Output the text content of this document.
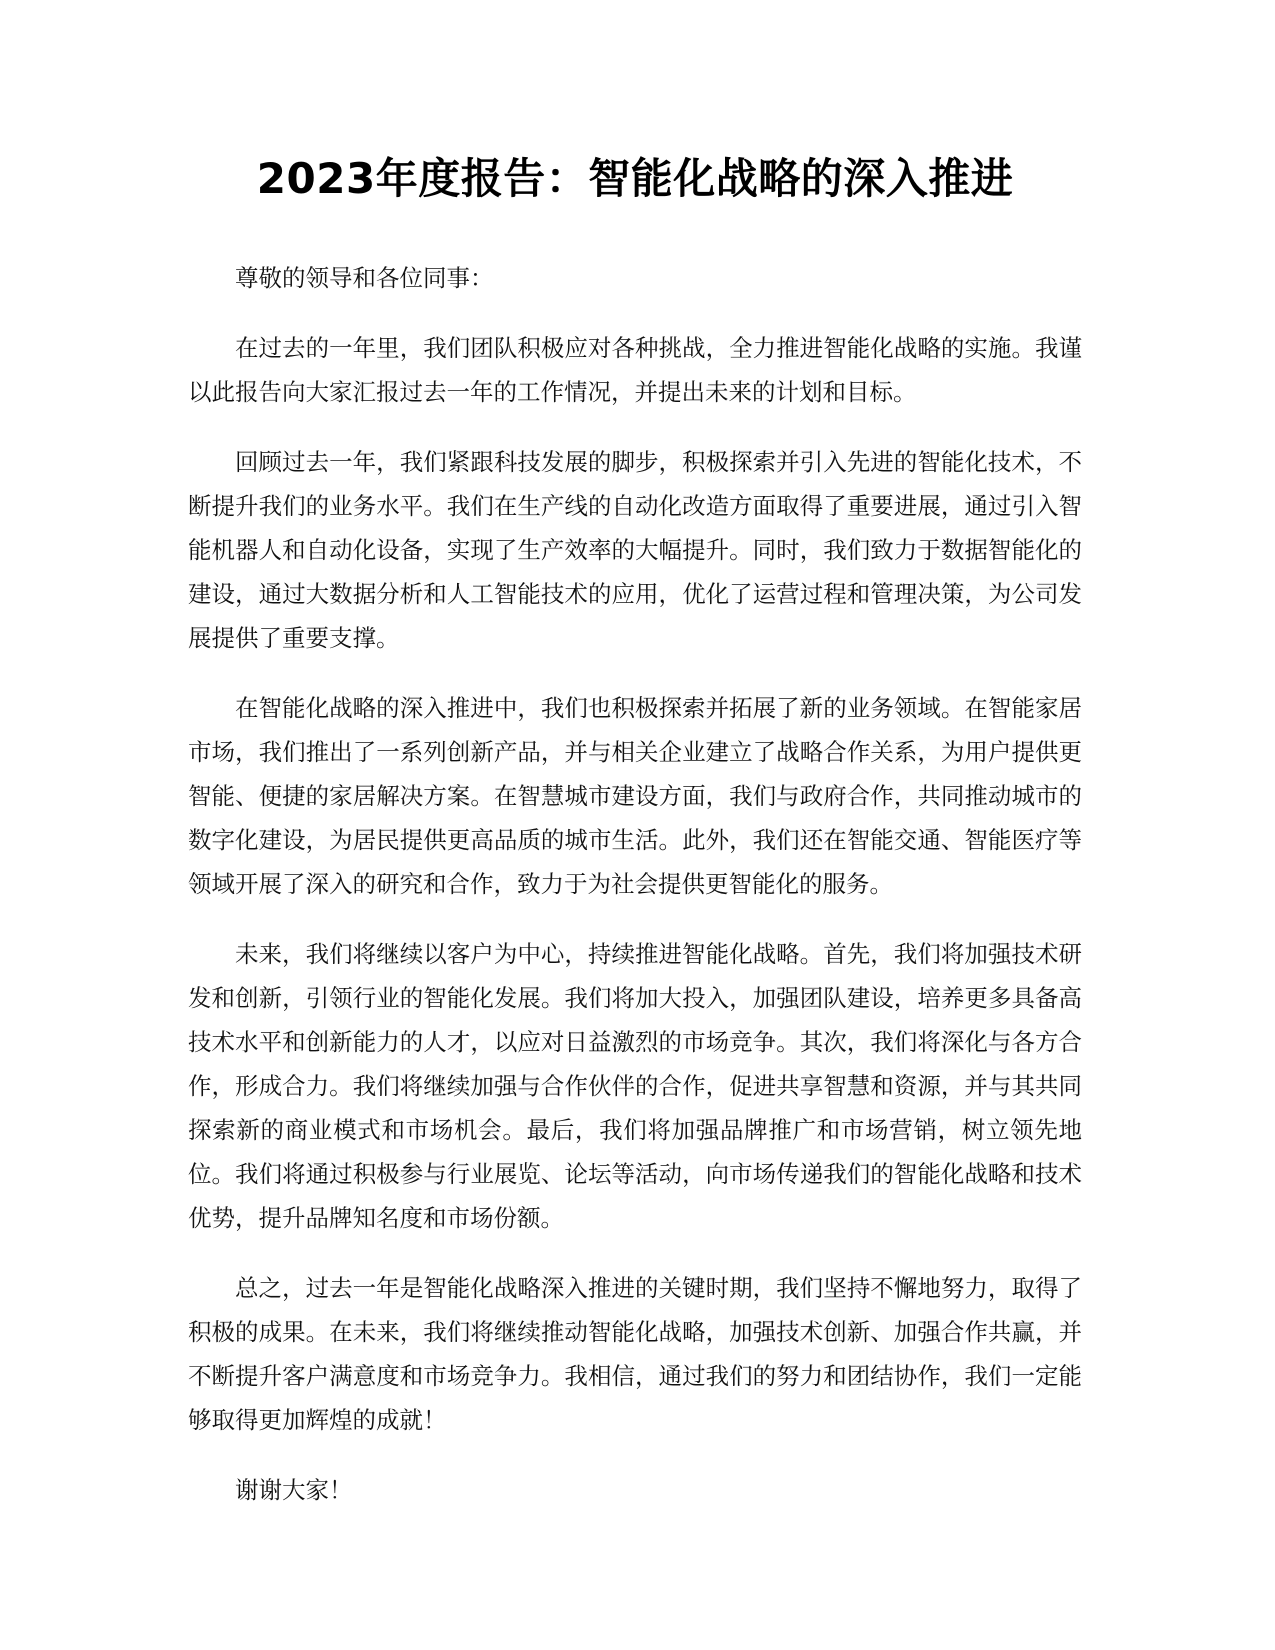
2023年度报告：智能化战略的深入推进

尊敬的领导和各位同事：

在过去的一年里，我们团队积极应对各种挑战，全力推进智能化战略的实施。我谨以此报告向大家汇报过去一年的工作情况，并提出未来的计划和目标。

回顾过去一年，我们紧跟科技发展的脚步，积极探索并引入先进的智能化技术，不断提升我们的业务水平。我们在生产线的自动化改造方面取得了重要进展，通过引入智能机器人和自动化设备，实现了生产效率的大幅提升。同时，我们致力于数据智能化的建设，通过大数据分析和人工智能技术的应用，优化了运营过程和管理决策，为公司发展提供了重要支撑。

在智能化战略的深入推进中，我们也积极探索并拓展了新的业务领域。在智能家居市场，我们推出了一系列创新产品，并与相关企业建立了战略合作关系，为用户提供更智能、便捷的家居解决方案。在智慧城市建设方面，我们与政府合作，共同推动城市的数字化建设，为居民提供更高品质的城市生活。此外，我们还在智能交通、智能医疗等领域开展了深入的研究和合作，致力于为社会提供更智能化的服务。

未来，我们将继续以客户为中心，持续推进智能化战略。首先，我们将加强技术研发和创新，引领行业的智能化发展。我们将加大投入，加强团队建设，培养更多具备高技术水平和创新能力的人才，以应对日益激烈的市场竞争。其次，我们将深化与各方合作，形成合力。我们将继续加强与合作伙伴的合作，促进共享智慧和资源，并与其共同探索新的商业模式和市场机会。最后，我们将加强品牌推广和市场营销，树立领先地位。我们将通过积极参与行业展览、论坛等活动，向市场传递我们的智能化战略和技术优势，提升品牌知名度和市场份额。

总之，过去一年是智能化战略深入推进的关键时期，我们坚持不懈地努力，取得了积极的成果。在未来，我们将继续推动智能化战略，加强技术创新、加强合作共赢，并不断提升客户满意度和市场竞争力。我相信，通过我们的努力和团结协作，我们一定能够取得更加辉煌的成就！

谢谢大家！
